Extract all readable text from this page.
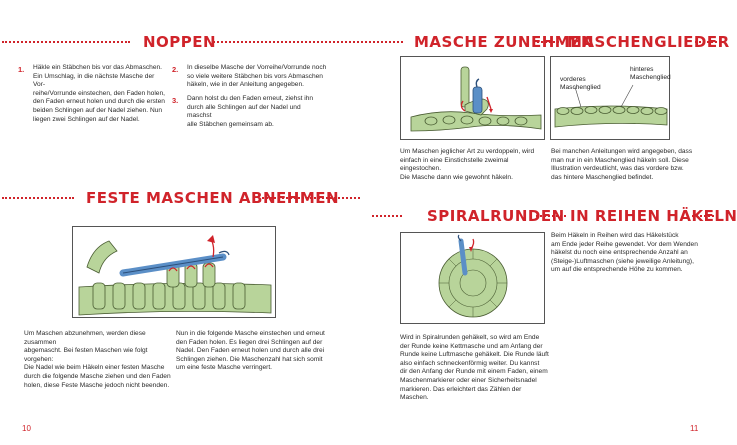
NOPPEN	MASCHE ZUNEHMEN
MASCHENGLIEDER
FESTE MASCHEN ABNEHMEN
SPIRALRUNDEN IN REIHEN HÄKELN
1. Häkle ein Stäbchen bis vor das Abmaschen.
Ein Umschlag, in die nächste Masche der Vor-
reihe/Vorrunde einstechen, den Faden holen,
den Faden erneut holen und durch die ersten
beiden Schlingen auf der Nadel ziehen. Nun
liegen zwei Schlingen auf der Nadel.
2. In dieselbe Masche der Vorreihe/Vorrunde noch
so viele weitere Stäbchen bis vors Abmaschen
häkeln, wie in der Anleitung angegeben.
3. Dann holst du den Faden erneut, ziehst ihn
durch alle Schlingen auf der Nadel und maschst
alle Stäbchen gemeinsam ab.
Um Maschen jeglicher Art zu verdoppeln, wird
einfach in eine Einstichstelle zweimal eingestochen.
Die Masche dann wie gewohnt häkeln.
vorderes
Maschenglied
hinteres
Maschenglied
Bei manchen Anleitungen wird angegeben, dass
man nur in ein Maschenglied häkeln soll. Diese
Illustration verdeutlicht, was das vordere bzw.
das hintere Maschenglied befindet.
Um Maschen abzunehmen, werden diese zusammen
abgemascht. Bei festen Maschen wie folgt vorgehen:
Die Nadel wie beim Häkeln einer festen Masche
durch die folgende Masche ziehen und den Faden
holen, diese Feste Masche jedoch nicht beenden.
Nun in die folgende Masche einstechen und erneut
den Faden holen. Es liegen drei Schlingen auf der
Nadel. Den Faden erneut holen und durch alle drei
Schlingen ziehen. Die Maschenzahl hat sich somit
um eine feste Masche verringert.
Wird in Spiralrunden gehäkelt, so wird am Ende
der Runde keine Kettmasche und am Anfang der
Runde keine Luftmasche gehäkelt. Die Runde läuft
also einfach schneckenförmig weiter. Du kannst
dir den Anfang der Runde mit einem Faden, einem
Maschenmarkierer oder einer Sicherheitsnadel
markieren. Das erleichtert das Zählen der Maschen.
Beim Häkeln in Reihen wird das Häkelstück
am Ende jeder Reihe gewendet. Vor dem Wenden
häkelst du noch eine entsprechende Anzahl an
(Steige-)Luftmaschen (siehe jeweilige Anleitung),
um auf die entsprechende Höhe zu kommen.
10	11
